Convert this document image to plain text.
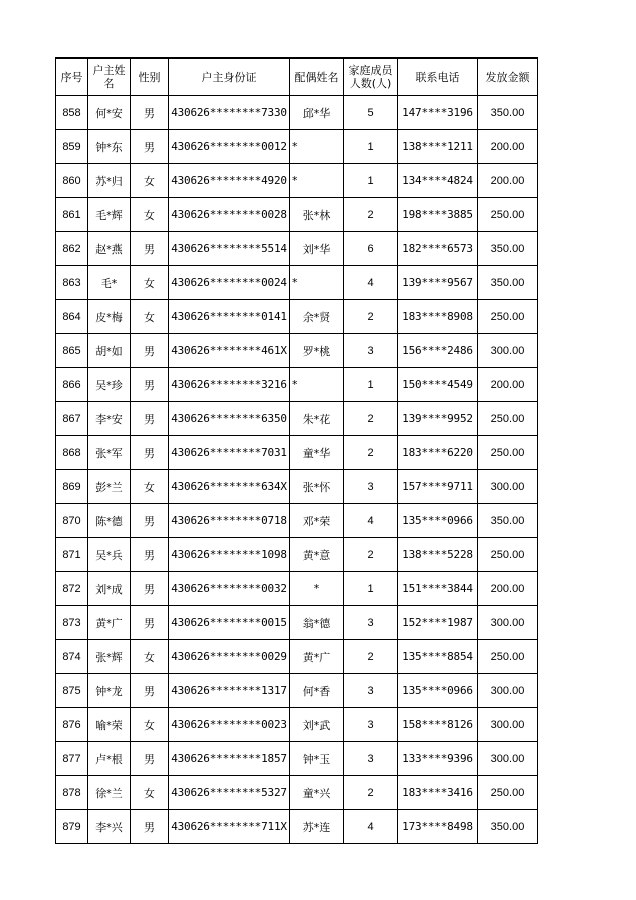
序号	户主姓名	性别	户主身份证	配偶姓名	家庭成员人数(人)	联系电话	发放金额
858	何*安	男	430626********7330	邱*华	5	147****3196	350.00
859	钟*东	男	430626********0012	*	1	138****1211	200.00
860	苏*归	女	430626********4920	*	1	134****4824	200.00
861	毛*辉	女	430626********0028	张*林	2	198****3885	250.00
862	赵*燕	男	430626********5514	刘*华	6	182****6573	350.00
863	毛*	女	430626********0024	*	4	139****9567	350.00
864	皮*梅	女	430626********0141	余*贤	2	183****8908	250.00
865	胡*如	男	430626********461X	罗*桃	3	156****2486	300.00
866	吴*珍	男	430626********3216	*	1	150****4549	200.00
867	李*安	男	430626********6350	朱*花	2	139****9952	250.00
868	张*军	男	430626********7031	童*华	2	183****6220	250.00
869	彭*兰	女	430626********634X	张*怀	3	157****9711	300.00
870	陈*德	男	430626********0718	邓*荣	4	135****0966	350.00
871	吴*兵	男	430626********1098	黄*意	2	138****5228	250.00
872	刘*成	男	430626********0032	*	1	151****3844	200.00
873	黄*广	男	430626********0015	翁*德	3	152****1987	300.00
874	张*辉	女	430626********0029	黄*广	2	135****8854	250.00
875	钟*龙	男	430626********1317	何*香	3	135****0966	300.00
876	喻*荣	女	430626********0023	刘*武	3	158****8126	300.00
877	卢*根	男	430626********1857	钟*玉	3	133****9396	300.00
878	徐*兰	女	430626********5327	童*兴	2	183****3416	250.00
879	李*兴	男	430626********711X	苏*连	4	173****8498	350.00
